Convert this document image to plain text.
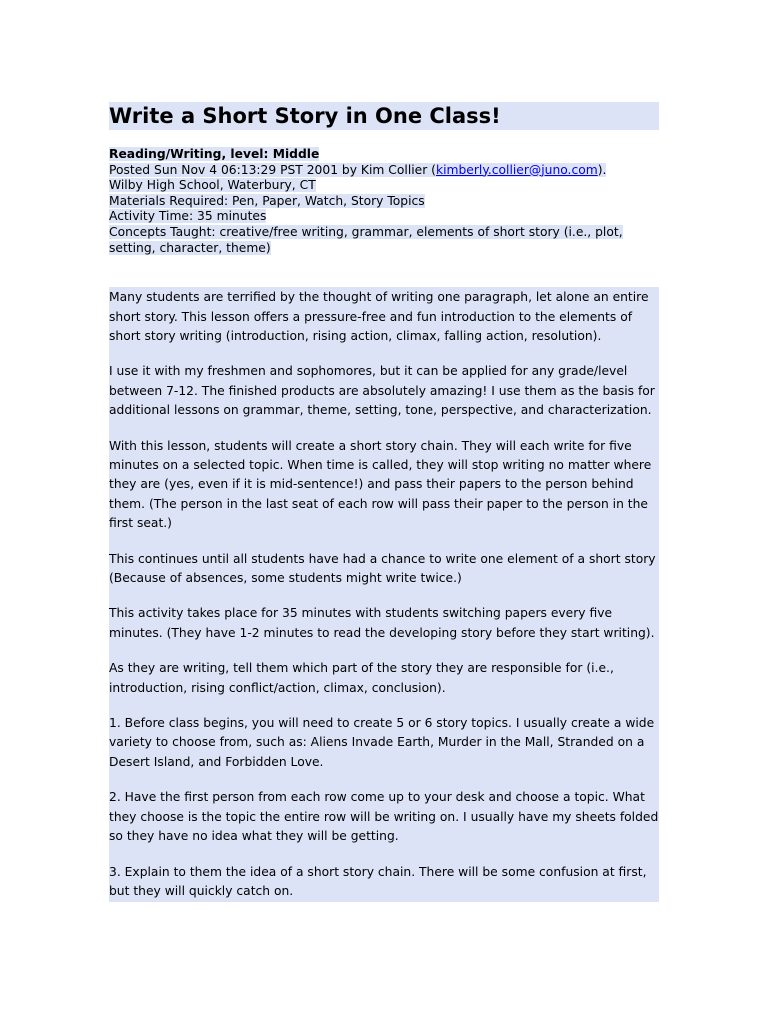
Write a Short Story in One Class!
Reading/Writing, level: Middle
Posted Sun Nov 4 06:13:29 PST 2001 by Kim Collier (kimberly.collier@juno.com).
Wilby High School, Waterbury, CT
Materials Required: Pen, Paper, Watch, Story Topics
Activity Time: 35 minutes
Concepts Taught: creative/free writing, grammar, elements of short story (i.e., plot, setting, character, theme)

Many students are terrified by the thought of writing one paragraph, let alone an entire short story. This lesson offers a pressure-free and fun introduction to the elements of short story writing (introduction, rising action, climax, falling action, resolution).

I use it with my freshmen and sophomores, but it can be applied for any grade/level between 7-12. The finished products are absolutely amazing! I use them as the basis for additional lessons on grammar, theme, setting, tone, perspective, and characterization.

With this lesson, students will create a short story chain. They will each write for five minutes on a selected topic. When time is called, they will stop writing no matter where they are (yes, even if it is mid-sentence!) and pass their papers to the person behind them. (The person in the last seat of each row will pass their paper to the person in the first seat.)

This continues until all students have had a chance to write one element of a short story (Because of absences, some students might write twice.)

This activity takes place for 35 minutes with students switching papers every five minutes. (They have 1-2 minutes to read the developing story before they start writing).

As they are writing, tell them which part of the story they are responsible for (i.e., introduction, rising conflict/action, climax, conclusion).

1. Before class begins, you will need to create 5 or 6 story topics. I usually create a wide variety to choose from, such as: Aliens Invade Earth, Murder in the Mall, Stranded on a Desert Island, and Forbidden Love.

2. Have the first person from each row come up to your desk and choose a topic. What they choose is the topic the entire row will be writing on. I usually have my sheets folded so they have no idea what they will be getting.

3. Explain to them the idea of a short story chain. There will be some confusion at first, but they will quickly catch on.
